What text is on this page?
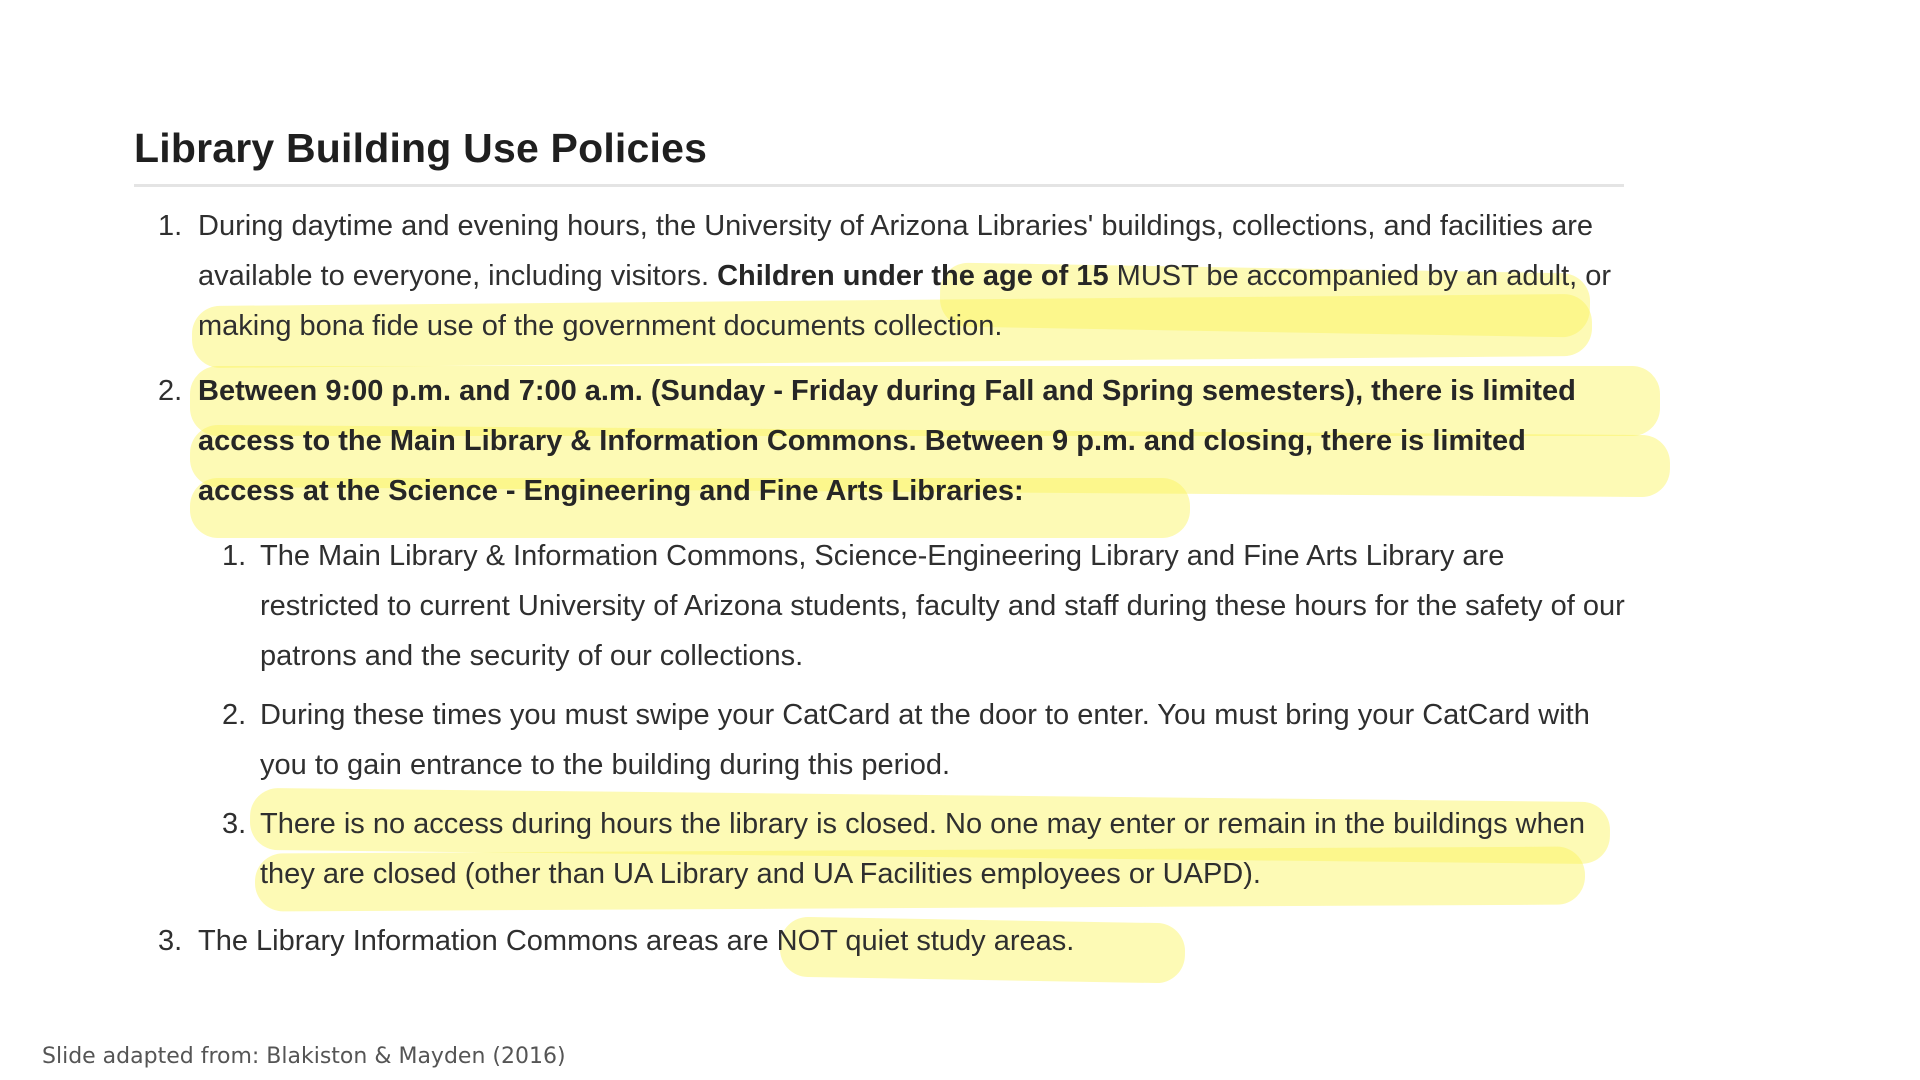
Library Building Use Policies
1. During daytime and evening hours, the University of Arizona Libraries' buildings, collections, and facilities are available to everyone, including visitors. Children under the age of 15 MUST be accompanied by an adult, or making bona fide use of the government documents collection.
2. Between 9:00 p.m. and 7:00 a.m. (Sunday - Friday during Fall and Spring semesters), there is limited access to the Main Library & Information Commons. Between 9 p.m. and closing, there is limited access at the Science - Engineering and Fine Arts Libraries:
1. The Main Library & Information Commons, Science-Engineering Library and Fine Arts Library are restricted to current University of Arizona students, faculty and staff during these hours for the safety of our patrons and the security of our collections.
2. During these times you must swipe your CatCard at the door to enter. You must bring your CatCard with you to gain entrance to the building during this period.
3. There is no access during hours the library is closed. No one may enter or remain in the buildings when they are closed (other than UA Library and UA Facilities employees or UAPD).
3. The Library Information Commons areas are NOT quiet study areas.
Slide adapted from: Blakiston & Mayden (2016)
